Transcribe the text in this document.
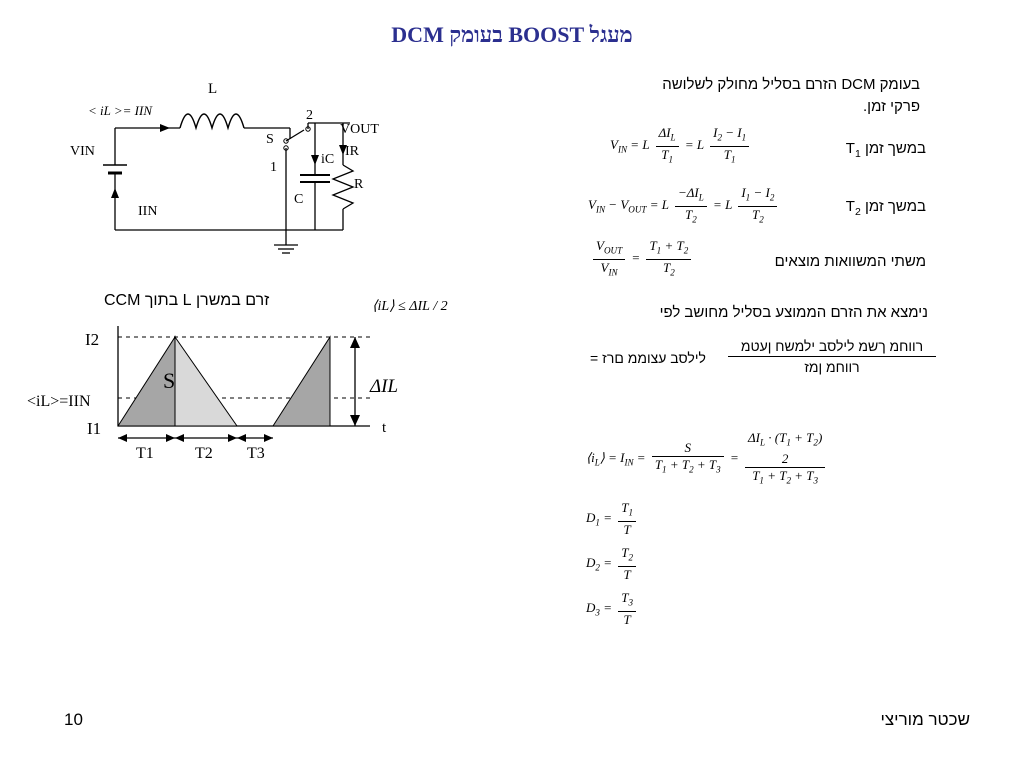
מעגל BOOST בעומק DCM
L
< iL >= IIN
VIN
IIN
S
1
2
VOUT
iC
IR
C
R
זרם במשרן L בתוך CCM	⟨iL⟩ ≤ ΔIL / 2
I2
<iL>=IIN
I1
S	ΔIL
t
T1	T2 T3
בעומק DCM הזרם בסליל מחולק לשלושה
פרקי זמן.
$V_{IN} = L \frac{\Delta I_L}{T_1} = L \frac{I_2 - I_1}{T_1}$	במשך זמן $T_1$
$V_{IN} - V_{OUT} = L \frac{-\Delta I_L}{T_2} = L \frac{I_1 - I_2}{T_2}$	במשך זמן $T_2$
$\frac{V_{OUT}}{V_{IN}} = \frac{T_1 + T_2}{T_2}$	משתי המשוואות מוצאים
נימצא את הזרם הממוצע בסליל מחושב לפי
לילסב עצוממ םרז =
רווחמ ךשמ לילסב ילמשח ןעטמ
רווחמ ןמז
$⟨i_L⟩ = I_{IN} = \frac{S}{T_1 + T_2 + T_3}$ =
$\Delta I_L \cdot (T_1 + T_2)$
2
$T_1 + T_2 + T_3$
$D_1 = \frac{T_1}{T}$
$D_2 = \frac{T_2}{T}$
$D_3 = \frac{T_3}{T}$
10	שכטר מוריצי
